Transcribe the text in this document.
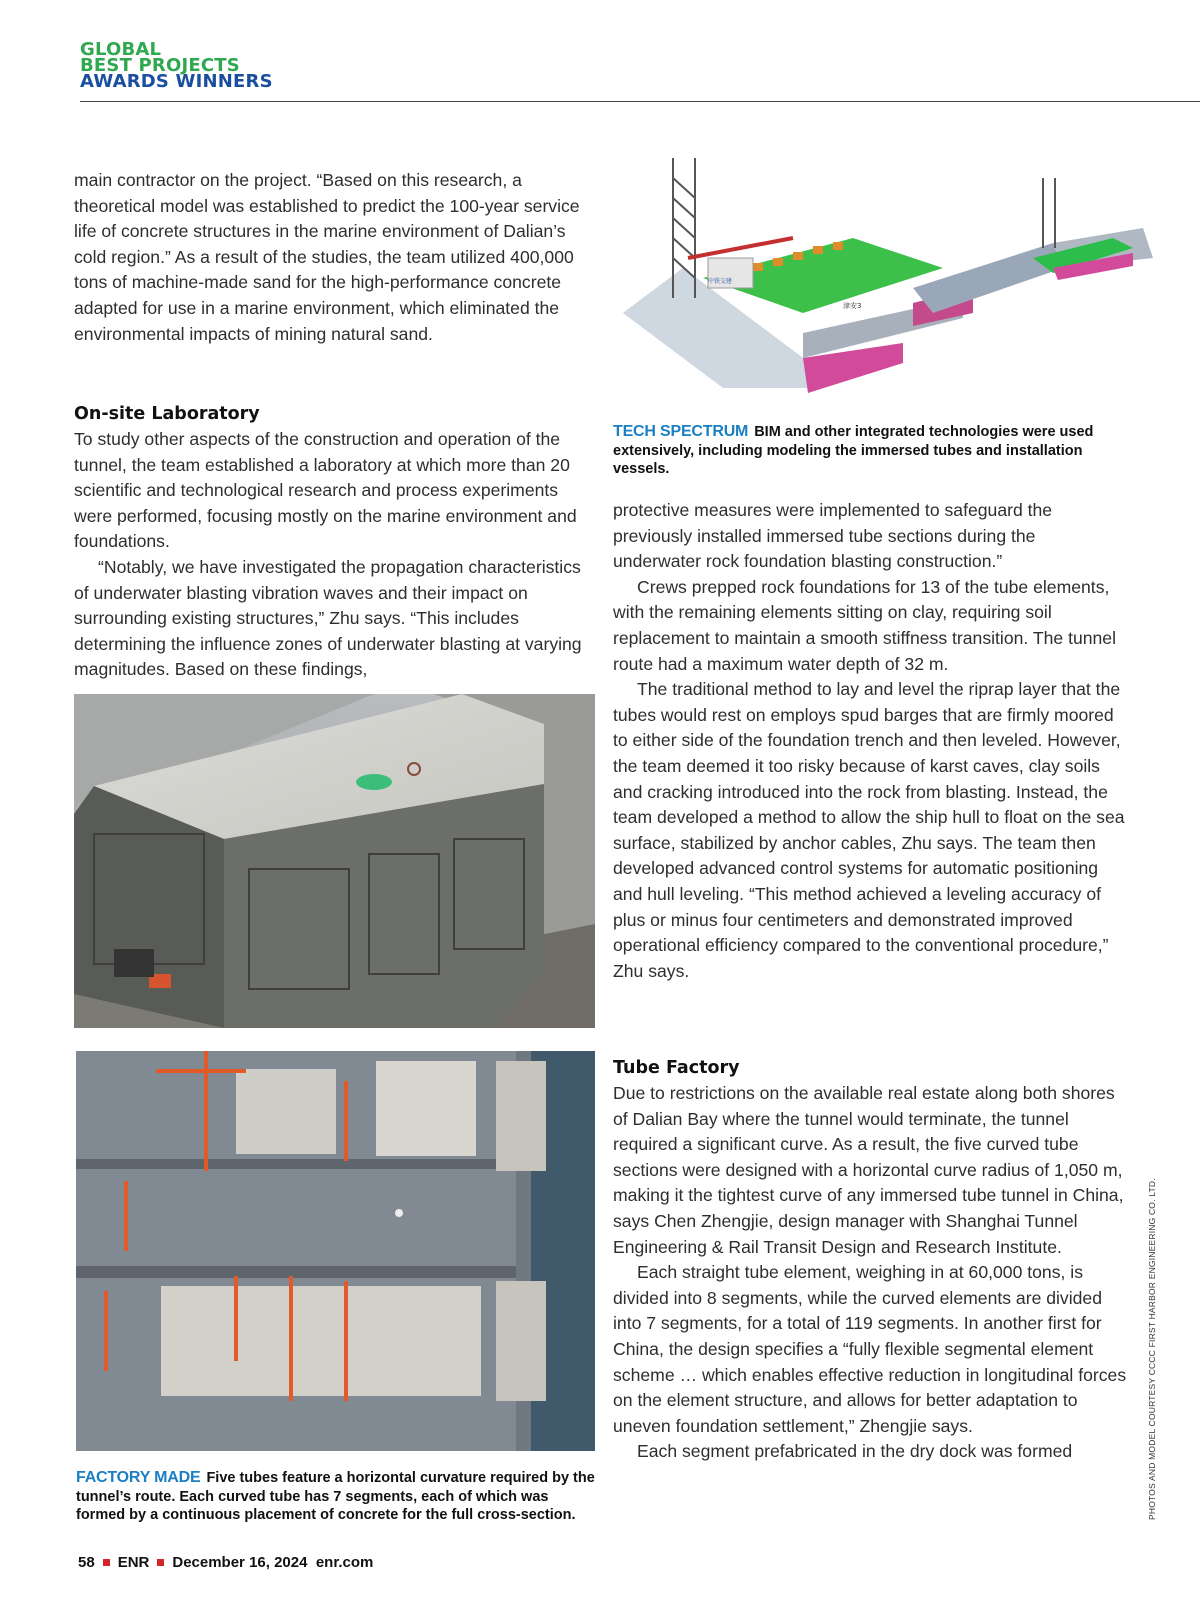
GLOBAL
BEST PROJECTS
AWARDS WINNERS

main contractor on the project. “Based on this research, a theoretical model was established to predict the 100-year service life of concrete structures in the marine environment of Dalian’s cold region.” As a result of the studies, the team utilized 400,000 tons of machine-made sand for the high-performance concrete adapted for use in a marine environment, which eliminated the environmental impacts of mining natural sand.

On-site Laboratory

To study other aspects of the construction and operation of the tunnel, the team established a laboratory at which more than 20 scientific and technological research and process experiments were performed, focusing mostly on the marine environment and foundations.

“Notably, we have investigated the propagation characteristics of underwater blasting vibration waves and their impact on surrounding existing structures,” Zhu says. “This includes determining the influence zones of underwater blasting at varying magnitudes. Based on these findings,

FACTORY MADE Five tubes feature a horizontal curvature required by the tunnel’s route. Each curved tube has 7 segments, each of which was formed by a continuous placement of concrete for the full cross-section.
中铁交建
津安3
TECH SPECTRUM BIM and other integrated technologies were used extensively, including modeling the immersed tubes and installation vessels.

protective measures were implemented to safeguard the previously installed immersed tube sections during the underwater rock foundation blasting construction.”

Crews prepped rock foundations for 13 of the tube elements, with the remaining elements sitting on clay, requiring soil replacement to maintain a smooth stiffness transition. The tunnel route had a maximum water depth of 32 m.

The traditional method to lay and level the riprap layer that the tubes would rest on employs spud barges that are firmly moored to either side of the foundation trench and then leveled. However, the team deemed it too risky because of karst caves, clay soils and cracking introduced into the rock from blasting. Instead, the team developed a method to allow the ship hull to float on the sea surface, stabilized by anchor cables, Zhu says. The team then developed advanced control systems for automatic positioning and hull leveling. “This method achieved a leveling accuracy of plus or minus four centimeters and demonstrated improved operational efficiency compared to the conventional procedure,” Zhu says.

Tube Factory

Due to restrictions on the available real estate along both shores of Dalian Bay where the tunnel would terminate, the tunnel required a significant curve. As a result, the five curved tube sections were designed with a horizontal curve radius of 1,050 m, making it the tightest curve of any immersed tube tunnel in China, says Chen Zhengjie, design manager with Shanghai Tunnel Engineering & Rail Transit Design and Research Institute.

Each straight tube element, weighing in at 60,000 tons, is divided into 8 segments, while the curved elements are divided into 7 segments, for a total of 119 segments. In another first for China, the design specifies a “fully flexible segmental element scheme … which enables effective reduction in longitudinal forces on the element structure, and allows for better adaptation to uneven foundation settlement,” Zhengjie says.

Each segment prefabricated in the dry dock was formed	PHOTOS AND MODEL COURTESY CCCC FIRST HARBOR ENGINEERING CO. LTD.
58 ENR December 16, 2024 enr.com
